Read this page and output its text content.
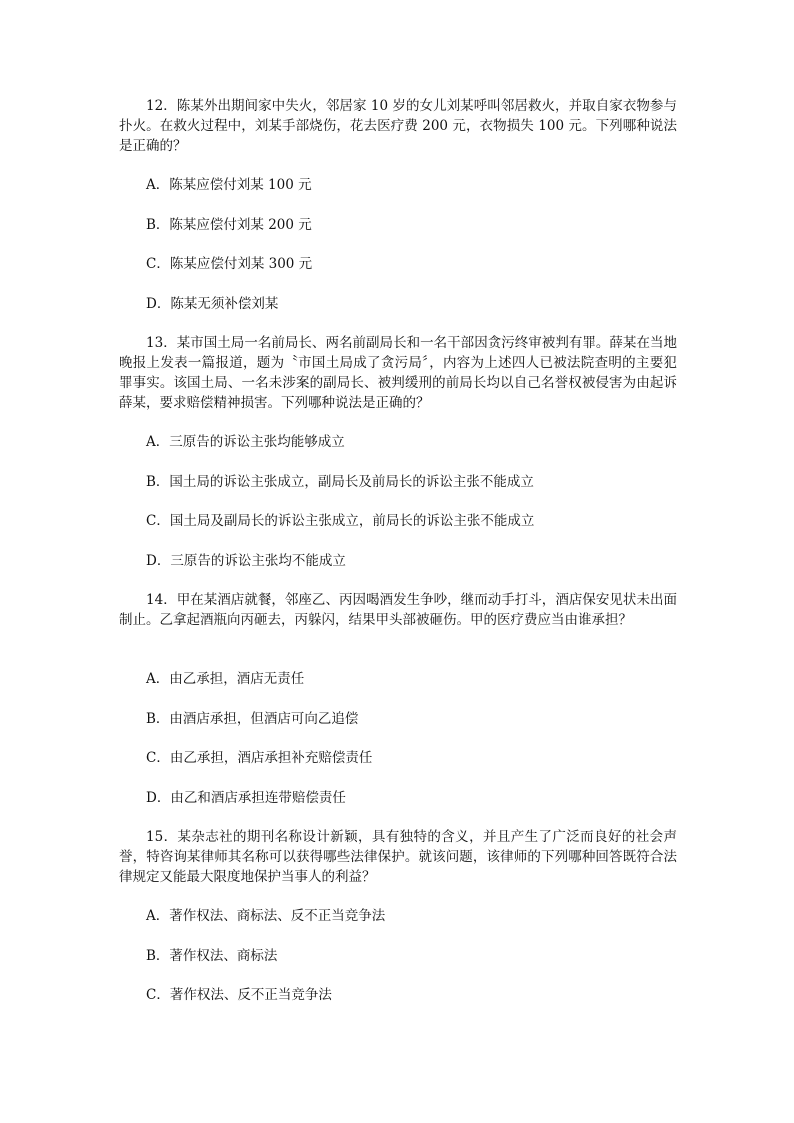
12．陈某外出期间家中失火，邻居家 10 岁的女儿刘某呼叫邻居救火，并取自家衣物参与扑火。在救火过程中，刘某手部烧伤，花去医疗费 200 元，衣物损失 100 元。下列哪种说法是正确的？

A．陈某应偿付刘某 100 元
B．陈某应偿付刘某 200 元
C．陈某应偿付刘某 300 元
D．陈某无须补偿刘某

13．某市国土局一名前局长、两名前副局长和一名干部因贪污终审被判有罪。薛某在当地晚报上发表一篇报道，题为〝市国土局成了贪污局〞，内容为上述四人已被法院查明的主要犯罪事实。该国土局、一名未涉案的副局长、被判缓刑的前局长均以自己名誉权被侵害为由起诉薛某，要求赔偿精神损害。下列哪种说法是正确的？

A．三原告的诉讼主张均能够成立
B．国土局的诉讼主张成立，副局长及前局长的诉讼主张不能成立
C．国土局及副局长的诉讼主张成立，前局长的诉讼主张不能成立
D．三原告的诉讼主张均不能成立

14．甲在某酒店就餐，邻座乙、丙因喝酒发生争吵，继而动手打斗，酒店保安见状未出面制止。乙拿起酒瓶向丙砸去，丙躲闪，结果甲头部被砸伤。甲的医疗费应当由谁承担？

A．由乙承担，酒店无责任
B．由酒店承担，但酒店可向乙追偿
C．由乙承担，酒店承担补充赔偿责任
D．由乙和酒店承担连带赔偿责任

15．某杂志社的期刊名称设计新颖，具有独特的含义，并且产生了广泛而良好的社会声誉，特咨询某律师其名称可以获得哪些法律保护。就该问题，该律师的下列哪种回答既符合法律规定又能最大限度地保护当事人的利益？

A．著作权法、商标法、反不正当竞争法
B．著作权法、商标法
C．著作权法、反不正当竞争法
